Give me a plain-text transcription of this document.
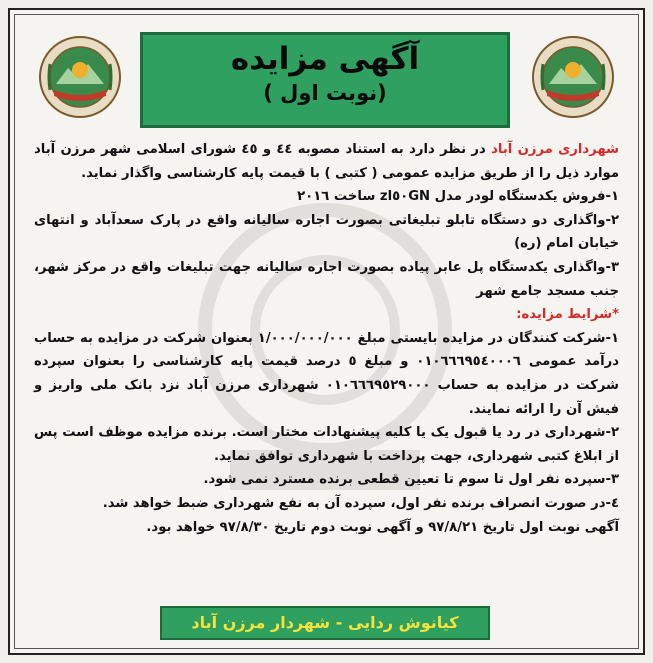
آگهی مزایده
( نوبت اول)

شهرداری مرزن آباد در نظر دارد به استناد مصوبه ٤٤ و ٤٥ شورای اسلامی شهر مرزن آباد موارد ذیل را از طریق مزایده عمومی ( کتبی ) با قیمت پایه کارشناسی واگذار نماید.

١-فروش یکدستگاه لودر مدل zl٥٠GN ساخت ٢٠١٦

٢-واگذاری دو دستگاه تابلو تبلیغاتی بصورت اجاره سالیانه واقع در پارک سعدآباد و انتهای خیابان امام (ره)

٣-واگذاری یکدستگاه پل عابر پیاده بصورت اجاره سالیانه جهت تبلیغات واقع در مرکز شهر، جنب مسجد جامع شهر

*شرایط مزایده:

١-شرکت کنندگان در مزایده بایستی مبلغ ١/٠٠٠/٠٠٠/٠٠٠ بعنوان شرکت در مزایده به حساب درآمد عمومی ٠١٠٦٦٦٩٥٤٠٠٠٦ و مبلغ ٥ درصد قیمت پایه کارشناسی را بعنوان سپرده شرکت در مزایده به حساب ٠١٠٦٦٦٩٥٢٩٠٠٠ شهرداری مرزن آباد نزد بانک ملی واریز و فیش آن را ارائه نمایند.

٢-شهرداری در رد یا قبول یک یا کلیه پیشنهادات مختار است. برنده مزایده موظف است پس از ابلاغ کتبی شهرداری، جهت پرداخت با شهرداری توافق نماید.

٣-سپرده نفر اول تا سوم تا تعیین قطعی برنده مسترد نمی شود.

٤-در صورت انصراف برنده نفر اول، سپرده آن به نفع شهرداری ضبط خواهد شد.

آگهی نوبت اول تاریخ ٩٧/٨/٢١ و آگهی نوبت دوم تاریخ ٩٧/٨/٣٠ خواهد بود.

کیانوش ردایی - شهردار مرزن آباد
